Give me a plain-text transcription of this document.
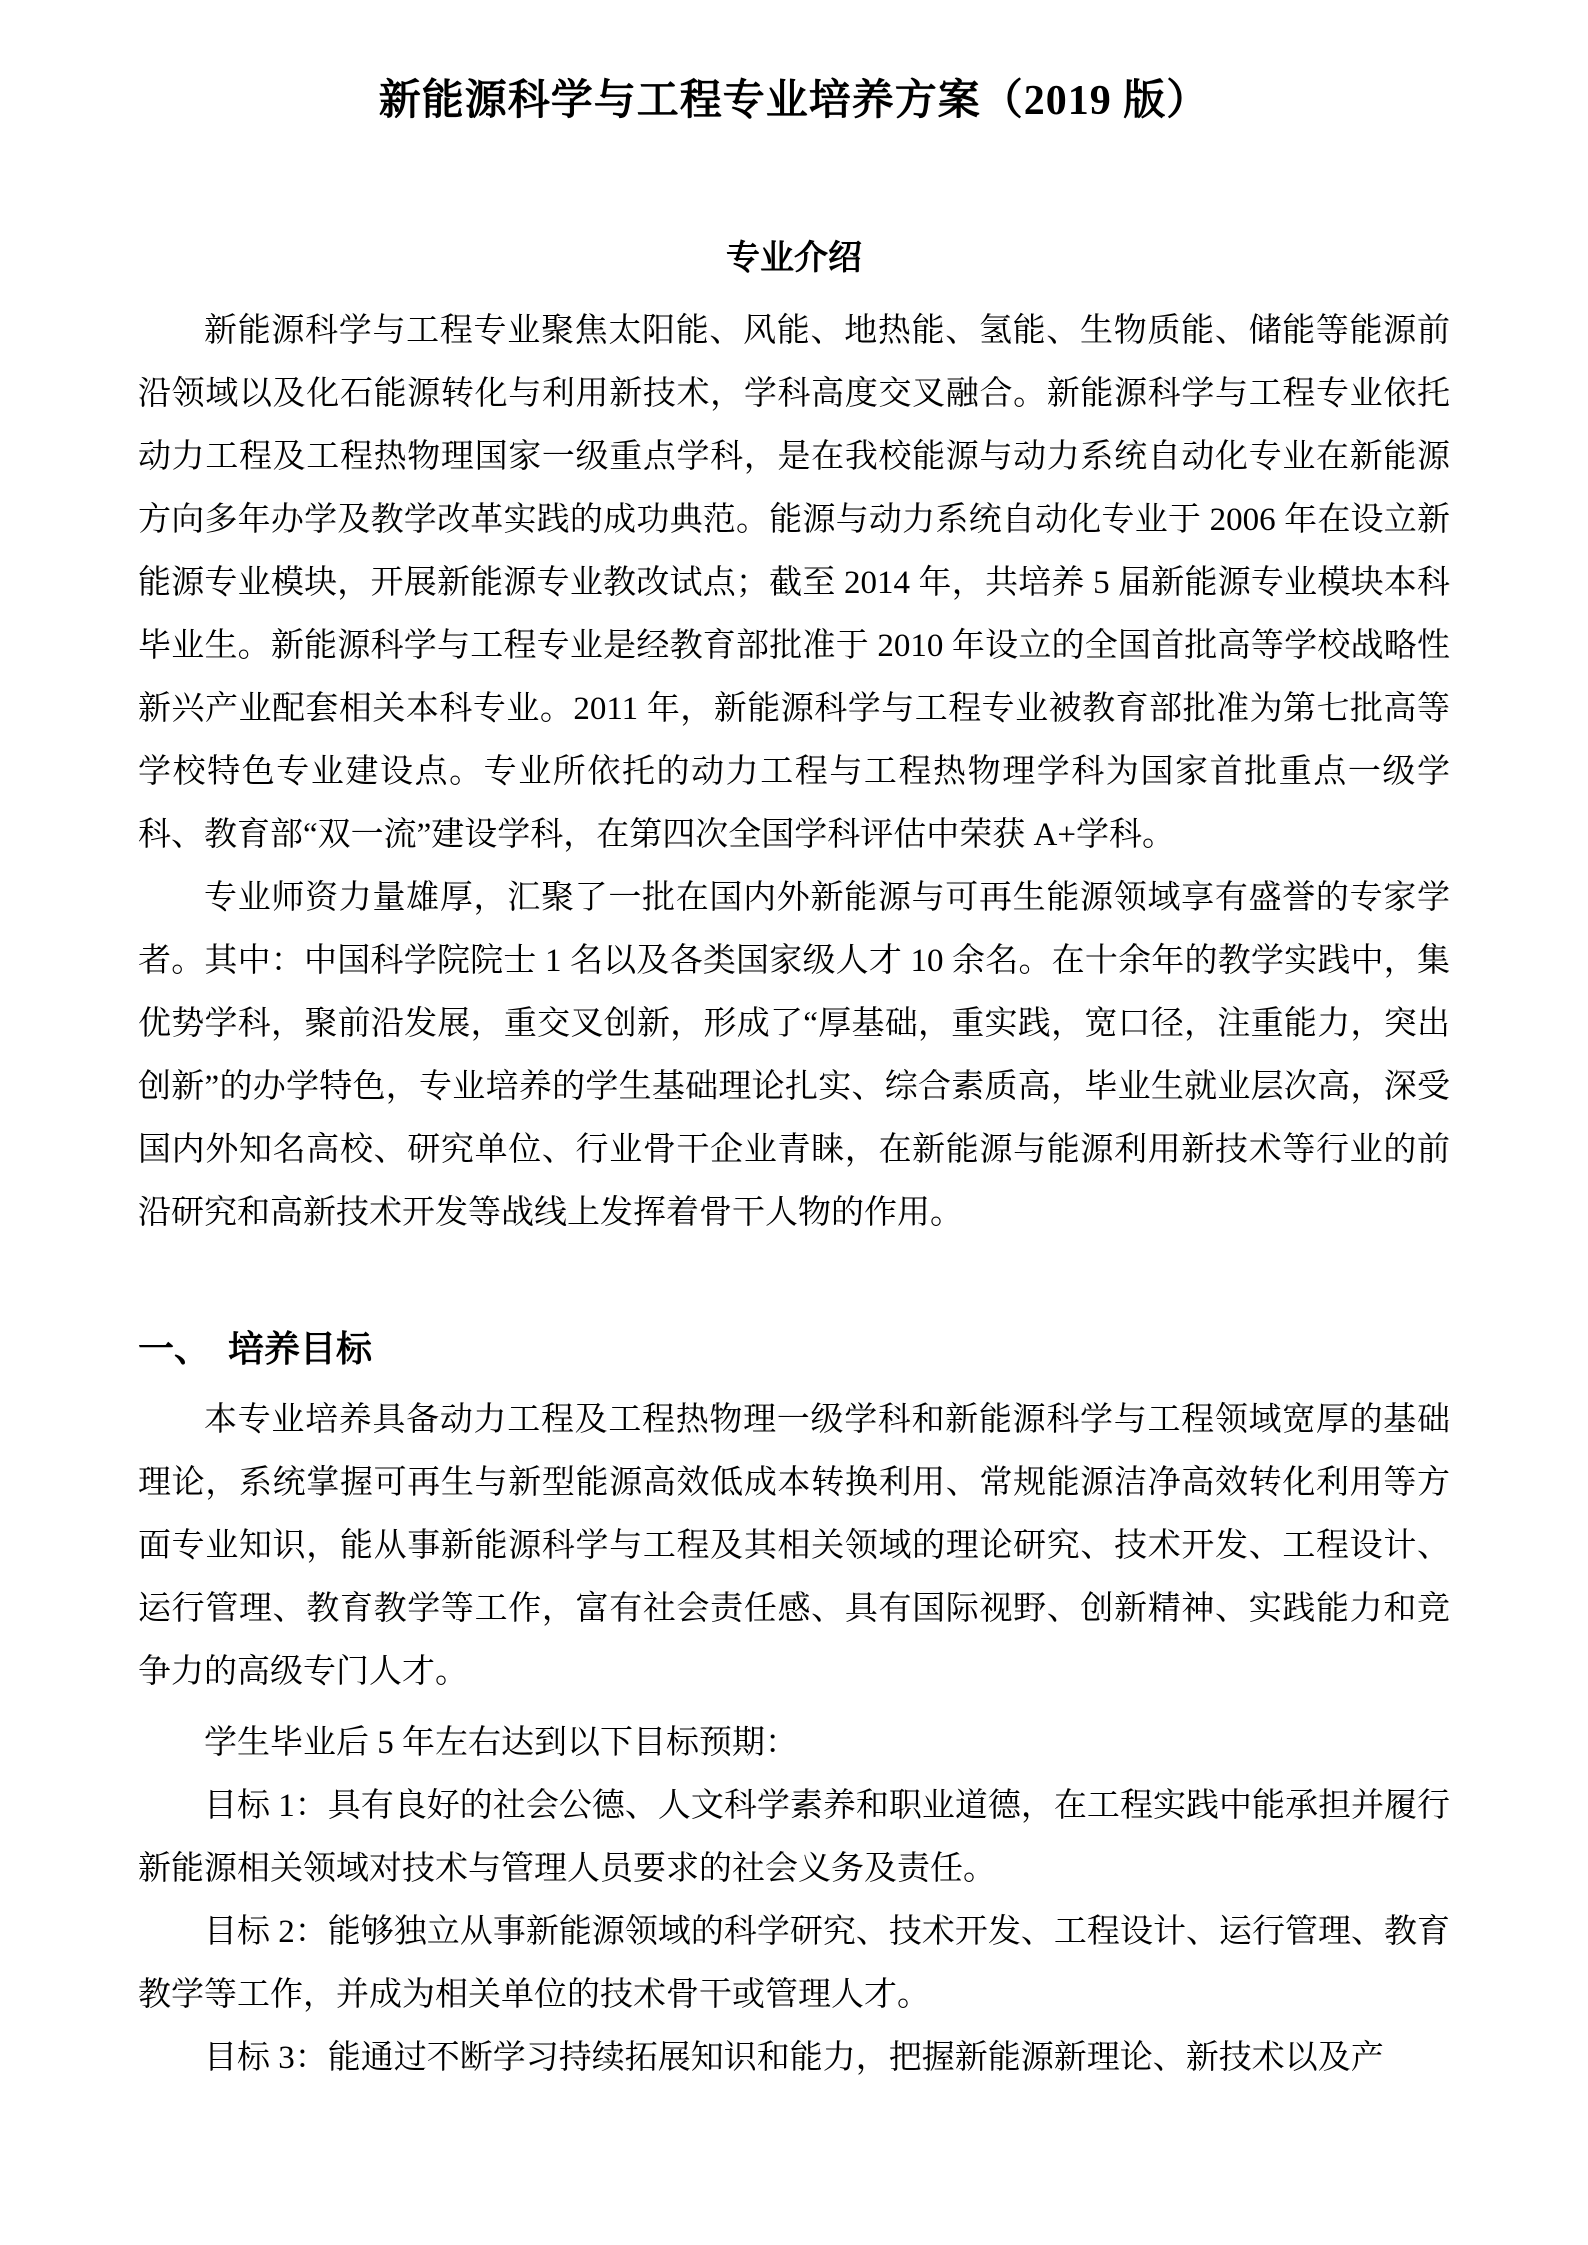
新能源科学与工程专业培养方案（2019 版）
专业介绍

新能源科学与工程专业聚焦太阳能、风能、地热能、氢能、生物质能、储能等能源前沿领域以及化石能源转化与利用新技术，学科高度交叉融合。新能源科学与工程专业依托动力工程及工程热物理国家一级重点学科，是在我校能源与动力系统自动化专业在新能源方向多年办学及教学改革实践的成功典范。能源与动力系统自动化专业于 2006 年在设立新能源专业模块，开展新能源专业教改试点；截至 2014 年，共培养 5 届新能源专业模块本科毕业生。新能源科学与工程专业是经教育部批准于 2010 年设立的全国首批高等学校战略性新兴产业配套相关本科专业。2011 年，新能源科学与工程专业被教育部批准为第七批高等学校特色专业建设点。专业所依托的动力工程与工程热物理学科为国家首批重点一级学科、教育部“双一流”建设学科，在第四次全国学科评估中荣获 A+学科。

专业师资力量雄厚，汇聚了一批在国内外新能源与可再生能源领域享有盛誉的专家学者。其中：中国科学院院士 1 名以及各类国家级人才 10 余名。在十余年的教学实践中，集优势学科，聚前沿发展，重交叉创新，形成了“厚基础，重实践，宽口径，注重能力，突出创新”的办学特色，专业培养的学生基础理论扎实、综合素质高，毕业生就业层次高，深受国内外知名高校、研究单位、行业骨干企业青睐，在新能源与能源利用新技术等行业的前沿研究和高新技术开发等战线上发挥着骨干人物的作用。

一、 培养目标

本专业培养具备动力工程及工程热物理一级学科和新能源科学与工程领域宽厚的基础理论，系统掌握可再生与新型能源高效低成本转换利用、常规能源洁净高效转化利用等方面专业知识，能从事新能源科学与工程及其相关领域的理论研究、技术开发、工程设计、运行管理、教育教学等工作，富有社会责任感、具有国际视野、创新精神、实践能力和竞争力的高级专门人才。

学生毕业后 5 年左右达到以下目标预期：

目标 1：具有良好的社会公德、人文科学素养和职业道德，在工程实践中能承担并履行新能源相关领域对技术与管理人员要求的社会义务及责任。

目标 2：能够独立从事新能源领域的科学研究、技术开发、工程设计、运行管理、教育教学等工作，并成为相关单位的技术骨干或管理人才。

目标 3：能通过不断学习持续拓展知识和能力，把握新能源新理论、新技术以及产
